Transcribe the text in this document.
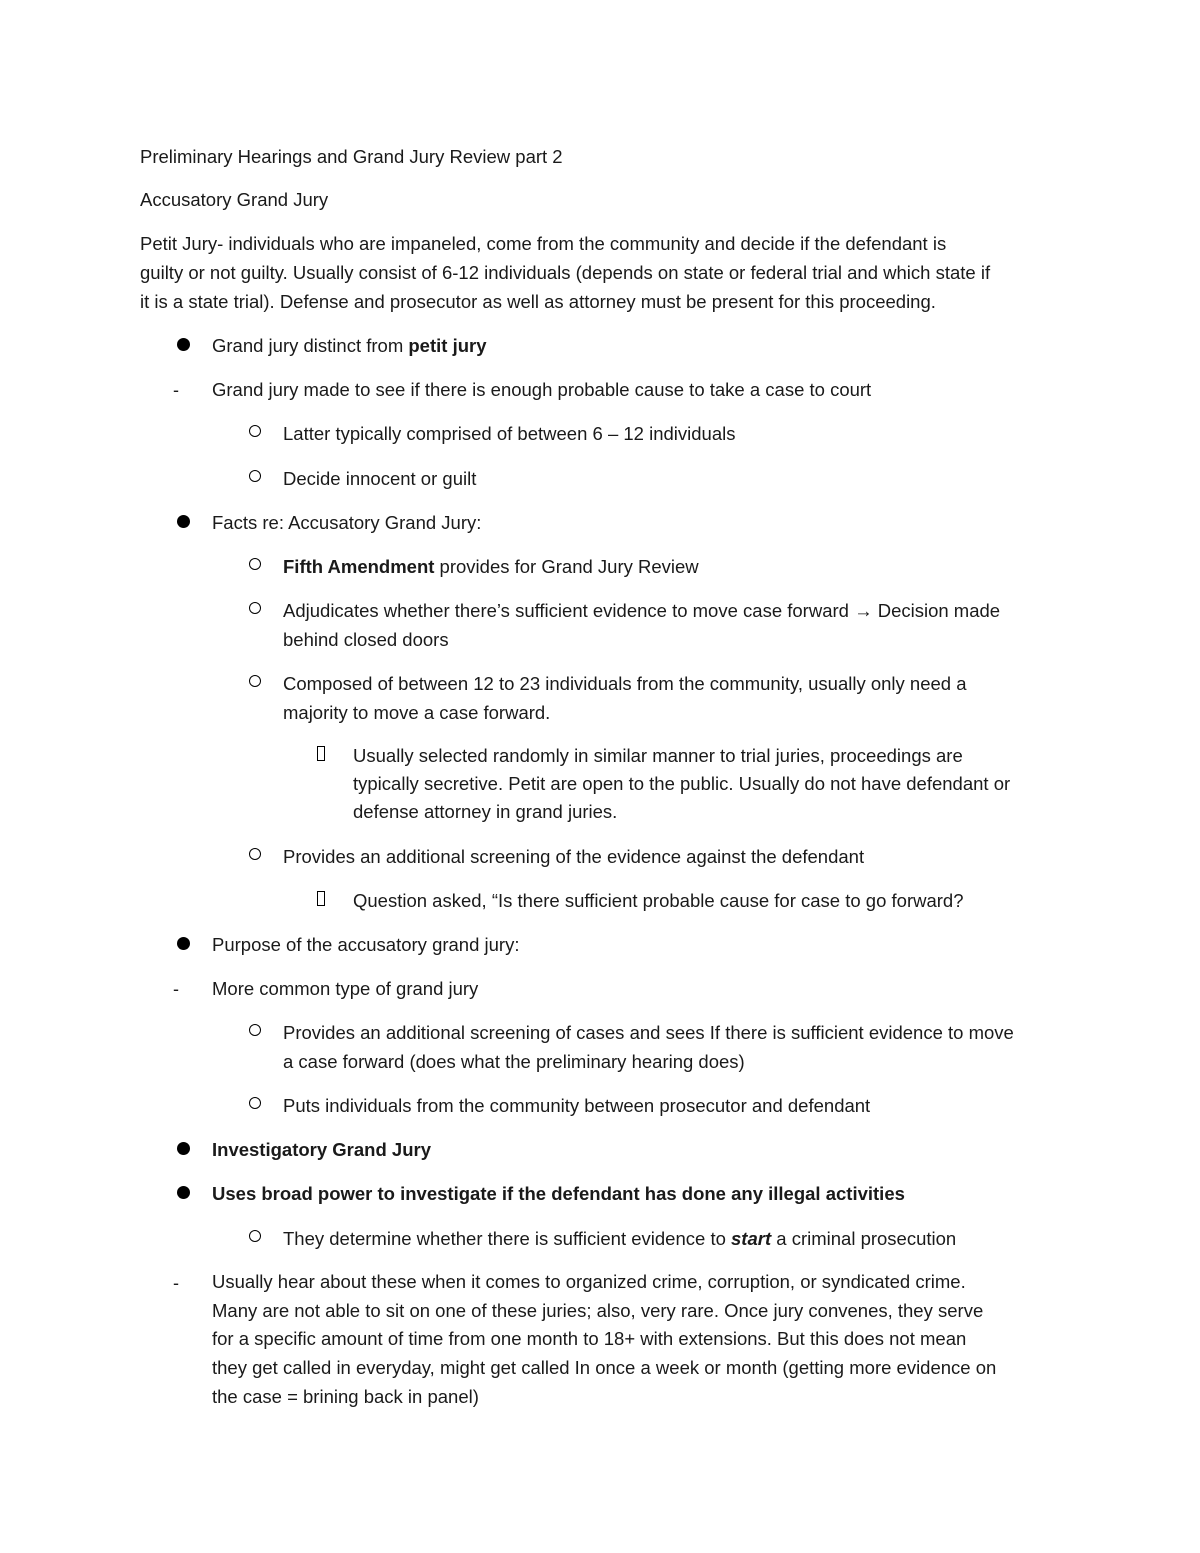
Preliminary Hearings and Grand Jury Review part 2
Accusatory Grand Jury
Petit Jury- individuals who are impaneled, come from the community and decide if the defendant is
guilty or not guilty. Usually consist of 6-12 individuals (depends on state or federal trial and which state if
it is a state trial). Defense and prosecutor as well as attorney must be present for this proceeding.
Grand jury distinct from petit jury
- Grand jury made to see if there is enough probable cause to take a case to court
Latter typically comprised of between 6 – 12 individuals
Decide innocent or guilt
Facts re: Accusatory Grand Jury:
Fifth Amendment provides for Grand Jury Review
Adjudicates whether there’s sufficient evidence to move case forward → Decision made
behind closed doors
Composed of between 12 to 23 individuals from the community, usually only need a
majority to move a case forward.
Usually selected randomly in similar manner to trial juries, proceedings are
typically secretive. Petit are open to the public. Usually do not have defendant or
defense attorney in grand juries.
Provides an additional screening of the evidence against the defendant
Question asked, “Is there sufficient probable cause for case to go forward?
Purpose of the accusatory grand jury:
- More common type of grand jury
Provides an additional screening of cases and sees If there is sufficient evidence to move
a case forward (does what the preliminary hearing does)
Puts individuals from the community between prosecutor and defendant
Investigatory Grand Jury
Uses broad power to investigate if the defendant has done any illegal activities
They determine whether there is sufficient evidence to start a criminal prosecution
- Usually hear about these when it comes to organized crime, corruption, or syndicated crime.
Many are not able to sit on one of these juries; also, very rare. Once jury convenes, they serve
for a specific amount of time from one month to 18+ with extensions. But this does not mean
they get called in everyday, might get called In once a week or month (getting more evidence on
the case = brining back in panel)
